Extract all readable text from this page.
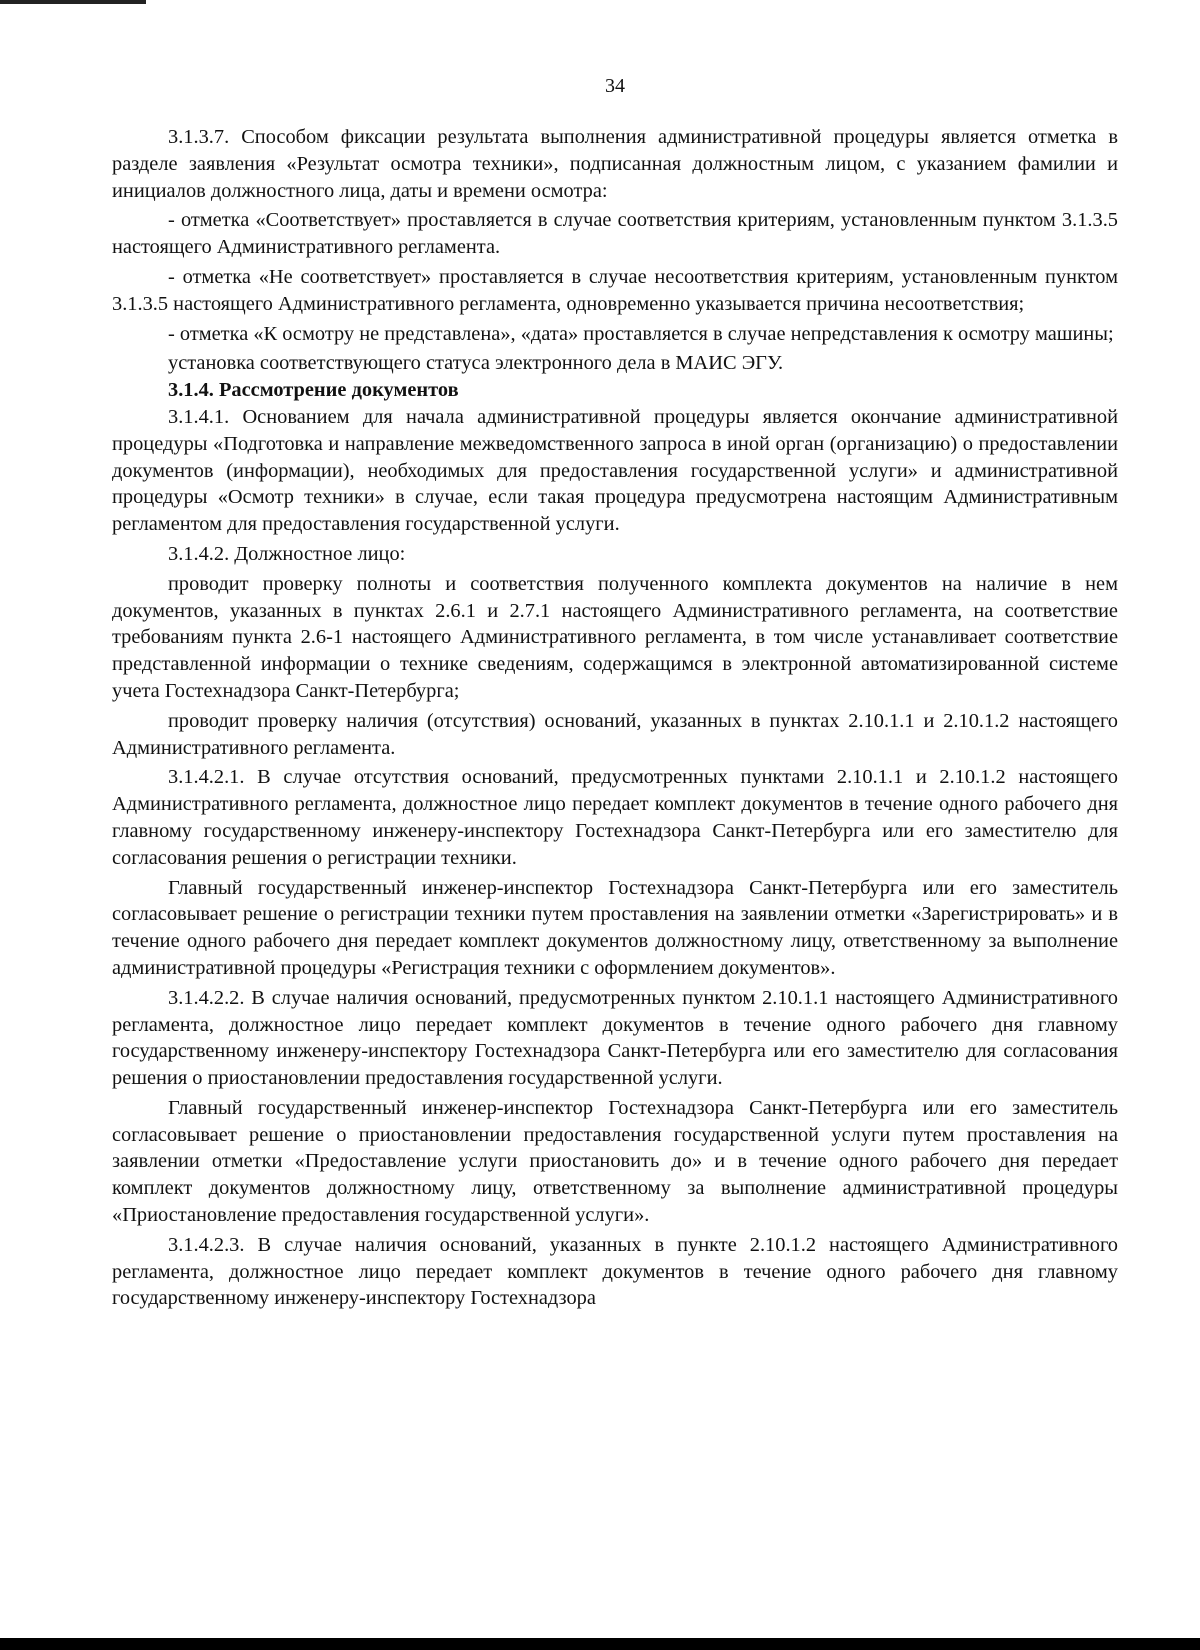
34

3.1.3.7. Способом фиксации результата выполнения административной процедуры является отметка в разделе заявления «Результат осмотра техники», подписанная должностным лицом, с указанием фамилии и инициалов должностного лица, даты и времени осмотра:

- отметка «Соответствует» проставляется в случае соответствия критериям, установленным пунктом 3.1.3.5 настоящего Административного регламента.

- отметка «Не соответствует» проставляется в случае несоответствия критериям, установленным пунктом 3.1.3.5 настоящего Административного регламента, одновременно указывается причина несоответствия;

- отметка «К осмотру не представлена», «дата» проставляется в случае непредставления к осмотру машины;

установка соответствующего статуса электронного дела в МАИС ЭГУ.

3.1.4. Рассмотрение документов

3.1.4.1. Основанием для начала административной процедуры является окончание административной процедуры «Подготовка и направление межведомственного запроса в иной орган (организацию) о предоставлении документов (информации), необходимых для предоставления государственной услуги» и административной процедуры «Осмотр техники» в случае, если такая процедура предусмотрена настоящим Административным регламентом для предоставления государственной услуги.

3.1.4.2. Должностное лицо:

проводит проверку полноты и соответствия полученного комплекта документов на наличие в нем документов, указанных в пунктах 2.6.1 и 2.7.1 настоящего Административного регламента, на соответствие требованиям пункта 2.6-1 настоящего Административного регламента, в том числе устанавливает соответствие представленной информации о технике сведениям, содержащимся в электронной автоматизированной системе учета Гостехнадзора Санкт-Петербурга;

проводит проверку наличия (отсутствия) оснований, указанных в пунктах 2.10.1.1 и 2.10.1.2 настоящего Административного регламента.

3.1.4.2.1. В случае отсутствия оснований, предусмотренных пунктами 2.10.1.1 и 2.10.1.2 настоящего Административного регламента, должностное лицо передает комплект документов в течение одного рабочего дня главному государственному инженеру-инспектору Гостехнадзора Санкт-Петербурга или его заместителю для согласования решения о регистрации техники.

Главный государственный инженер-инспектор Гостехнадзора Санкт-Петербурга или его заместитель согласовывает решение о регистрации техники путем проставления на заявлении отметки «Зарегистрировать» и в течение одного рабочего дня передает комплект документов должностному лицу, ответственному за выполнение административной процедуры «Регистрация техники с оформлением документов».

3.1.4.2.2. В случае наличия оснований, предусмотренных пунктом 2.10.1.1 настоящего Административного регламента, должностное лицо передает комплект документов в течение одного рабочего дня главному государственному инженеру-инспектору Гостехнадзора Санкт-Петербурга или его заместителю для согласования решения о приостановлении предоставления государственной услуги.

Главный государственный инженер-инспектор Гостехнадзора Санкт-Петербурга или его заместитель согласовывает решение о приостановлении предоставления государственной услуги путем проставления на заявлении отметки «Предоставление услуги приостановить до» и в течение одного рабочего дня передает комплект документов должностному лицу, ответственному за выполнение административной процедуры «Приостановление предоставления государственной услуги».

3.1.4.2.3. В случае наличия оснований, указанных в пункте 2.10.1.2 настоящего Административного регламента, должностное лицо передает комплект документов в течение одного рабочего дня главному государственному инженеру-инспектору Гостехнадзора
